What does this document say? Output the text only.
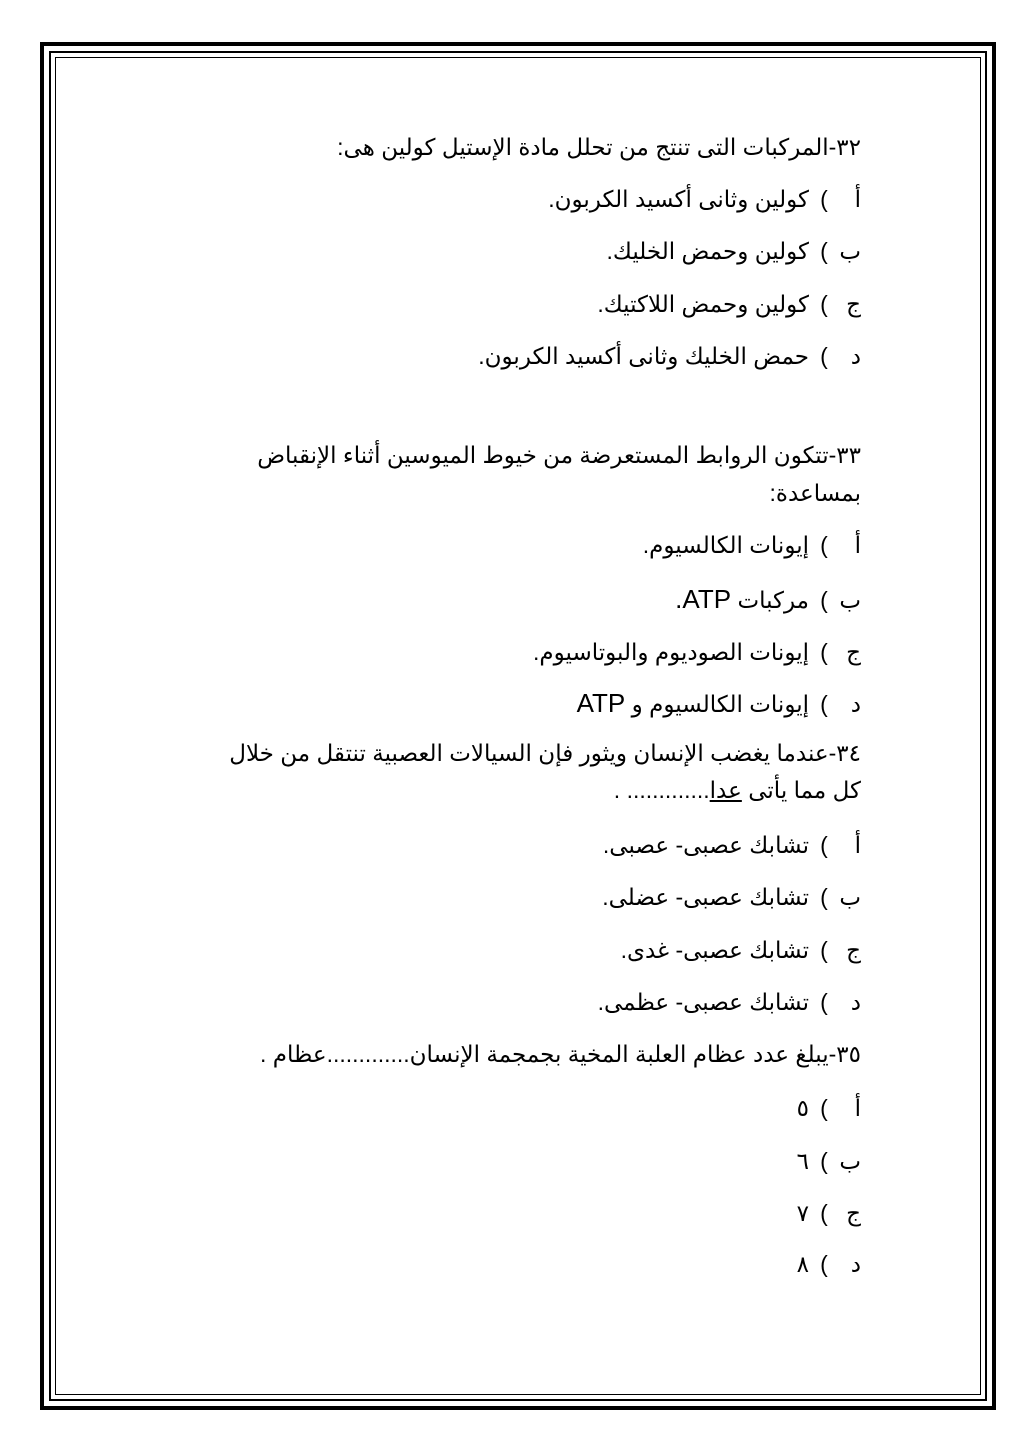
٣٢-المركبات التى تنتج من تحلل مادة الإستيل كولين هى:
أ)كولين وثانى أكسيد الكربون.
ب)كولين وحمض الخليك.
ج)كولين وحمض اللاكتيك.
د)حمض الخليك وثانى أكسيد الكربون.
٣٣-تتكون الروابط المستعرضة من خيوط الميوسين أثناء الإنقباض
بمساعدة:
أ)إيونات الكالسيوم.
ب)مركبات ATP.
ج)إيونات الصوديوم والبوتاسيوم.
د)إيونات الكالسيوم و ATP
٣٤-عندما يغضب الإنسان ويثور فإن السيالات العصبية تنتقل من خلال
كل مما يأتى عدا............. .
أ)تشابك عصبى- عصبى.
ب)تشابك عصبى- عضلى.
ج)تشابك عصبى- غدى.
د)تشابك عصبى- عظمى.
٣٥-يبلغ عدد عظام العلبة المخية بجمجمة الإنسان.............عظام .
أ)٥
ب)٦
ج)٧
د)٨
